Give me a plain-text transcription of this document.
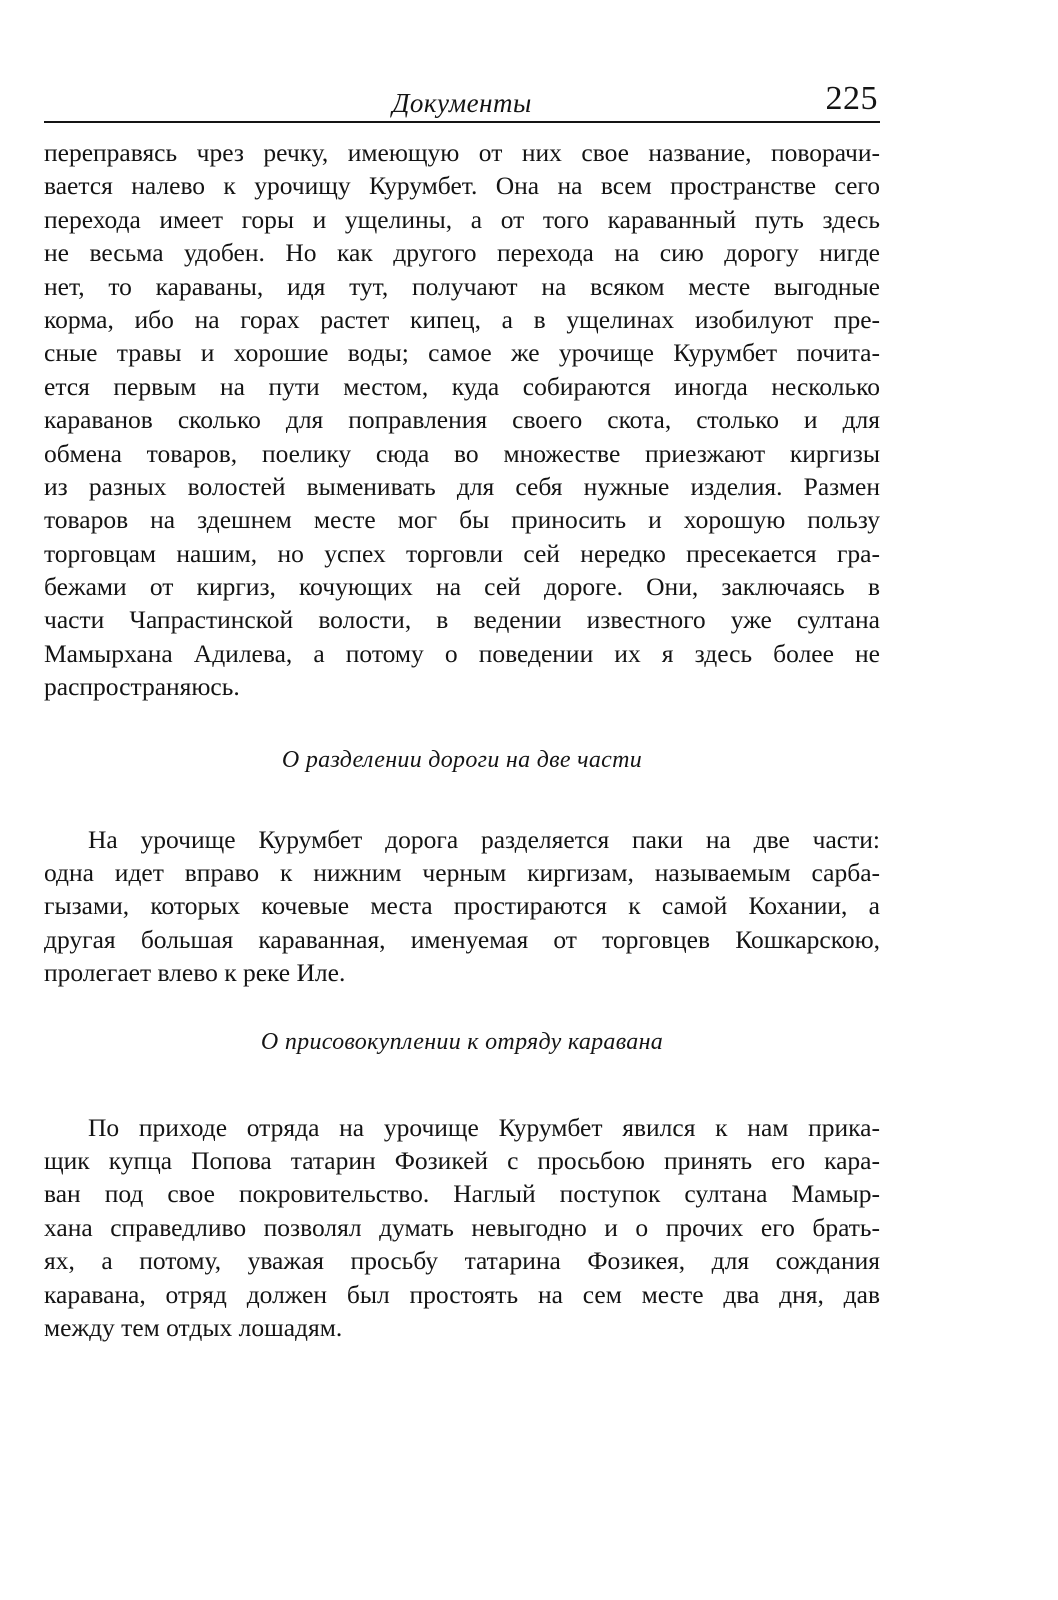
Документы	225
переправясь чрез речку, имеющую от них свое название, поворачи-
вается налево к урочищу Курумбет. Она на всем пространстве сего
перехода имеет горы и ущелины, а от того караванный путь здесь
не весьма удобен. Но как другого перехода на сию дорогу нигде
нет, то караваны, идя тут, получают на всяком месте выгодные
корма, ибо на горах растет кипец, а в ущелинах изобилуют пре-
сные травы и хорошие воды; самое же урочище Курумбет почита-
ется первым на пути местом, куда собираются иногда несколько
караванов сколько для поправления своего скота, столько и для
обмена товаров, поелику сюда во множестве приезжают киргизы
из разных волостей выменивать для себя нужные изделия. Размен
товаров на здешнем месте мог бы приносить и хорошую пользу
торговцам нашим, но успех торговли сей нередко пресекается гра-
бежами от киргиз, кочующих на сей дороге. Они, заключаясь в
части Чапрастинской волости, в ведении известного уже султана
Мамырхана Адилева, а потому о поведении их я здесь более не
распространяюсь.
О разделении дороги на две части
На урочище Курумбет дорога разделяется паки на две части:
одна идет вправо к нижним черным киргизам, называемым сарба-
гызами, которых кочевые места простираются к самой Кохании, а
другая большая караванная, именуемая от торговцев Кошкарскою,
пролегает влево к реке Иле.
О присовокуплении к отряду каравана
По приходе отряда на урочище Курумбет явился к нам прика-
щик купца Попова татарин Фозикей с просьбою принять его кара-
ван под свое покровительство. Наглый поступок султана Мамыр-
хана справедливо позволял думать невыгодно и о прочих его брать-
ях, а потому, уважая просьбу татарина Фозикея, для сождания
каравана, отряд должен был простоять на сем месте два дня, дав
между тем отдых лошадям.
